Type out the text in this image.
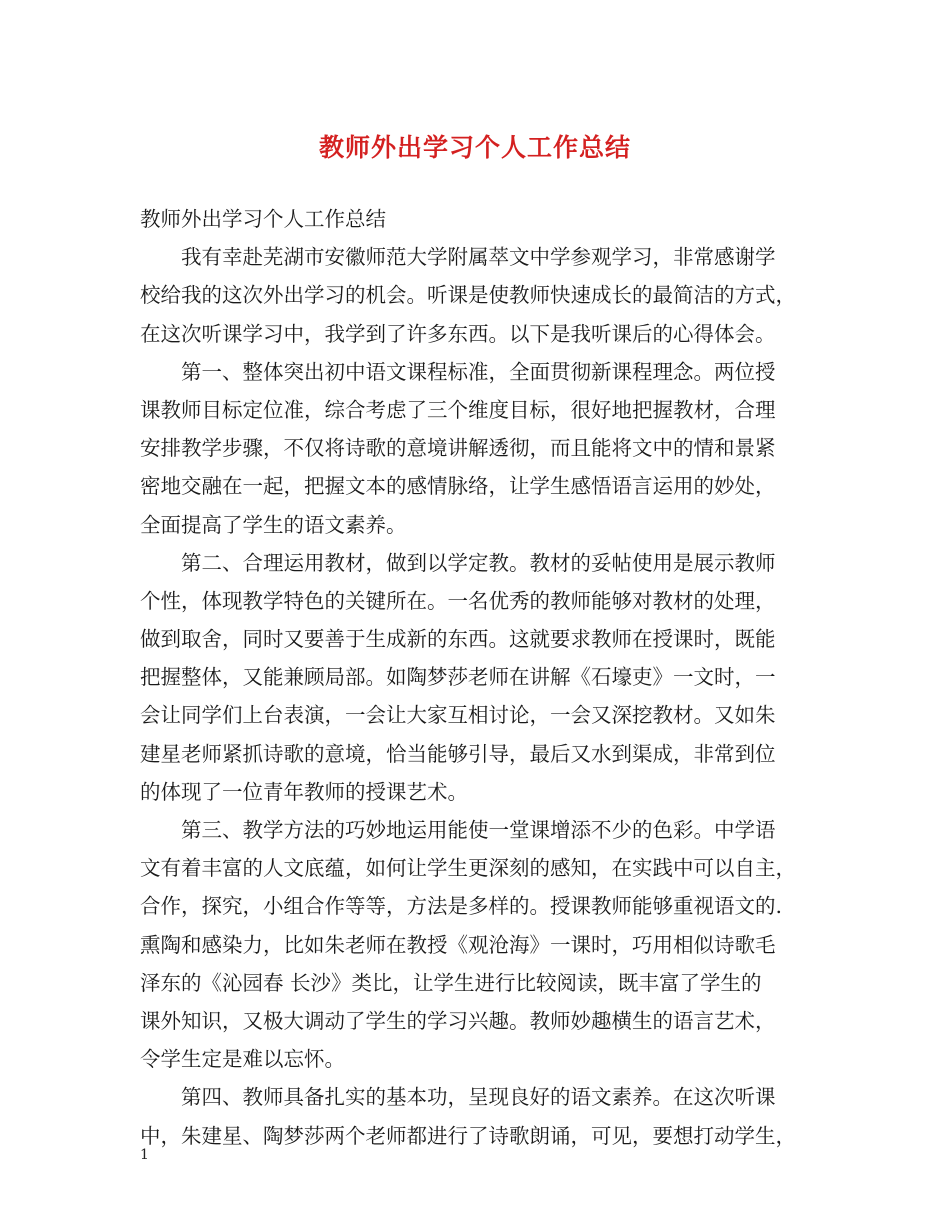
教师外出学习个人工作总结
教师外出学习个人工作总结
我有幸赴芜湖市安徽师范大学附属萃文中学参观学习，非常感谢学
校给我的这次外出学习的机会。听课是使教师快速成长的最简洁的方式，
在这次听课学习中，我学到了许多东西。以下是我听课后的心得体会。
第一、整体突出初中语文课程标准，全面贯彻新课程理念。两位授
课教师目标定位准，综合考虑了三个维度目标，很好地把握教材，合理
安排教学步骤，不仅将诗歌的意境讲解透彻，而且能将文中的情和景紧
密地交融在一起，把握文本的感情脉络，让学生感悟语言运用的妙处，
全面提高了学生的语文素养。
第二、合理运用教材，做到以学定教。教材的妥帖使用是展示教师
个性，体现教学特色的关键所在。一名优秀的教师能够对教材的处理，
做到取舍，同时又要善于生成新的东西。这就要求教师在授课时，既能
把握整体，又能兼顾局部。如陶梦莎老师在讲解《石壕吏》一文时，一
会让同学们上台表演，一会让大家互相讨论，一会又深挖教材。又如朱
建星老师紧抓诗歌的意境，恰当能够引导，最后又水到渠成，非常到位
的体现了一位青年教师的授课艺术。
第三、教学方法的巧妙地运用能使一堂课增添不少的色彩。中学语
文有着丰富的人文底蕴，如何让学生更深刻的感知，在实践中可以自主，
合作，探究，小组合作等等，方法是多样的。授课教师能够重视语文的.
熏陶和感染力，比如朱老师在教授《观沧海》一课时，巧用相似诗歌毛
泽东的《沁园春 长沙》类比，让学生进行比较阅读，既丰富了学生的
课外知识，又极大调动了学生的学习兴趣。教师妙趣横生的语言艺术，
令学生定是难以忘怀。
第四、教师具备扎实的基本功，呈现良好的语文素养。在这次听课
中，朱建星、陶梦莎两个老师都进行了诗歌朗诵，可见，要想打动学生，
1
